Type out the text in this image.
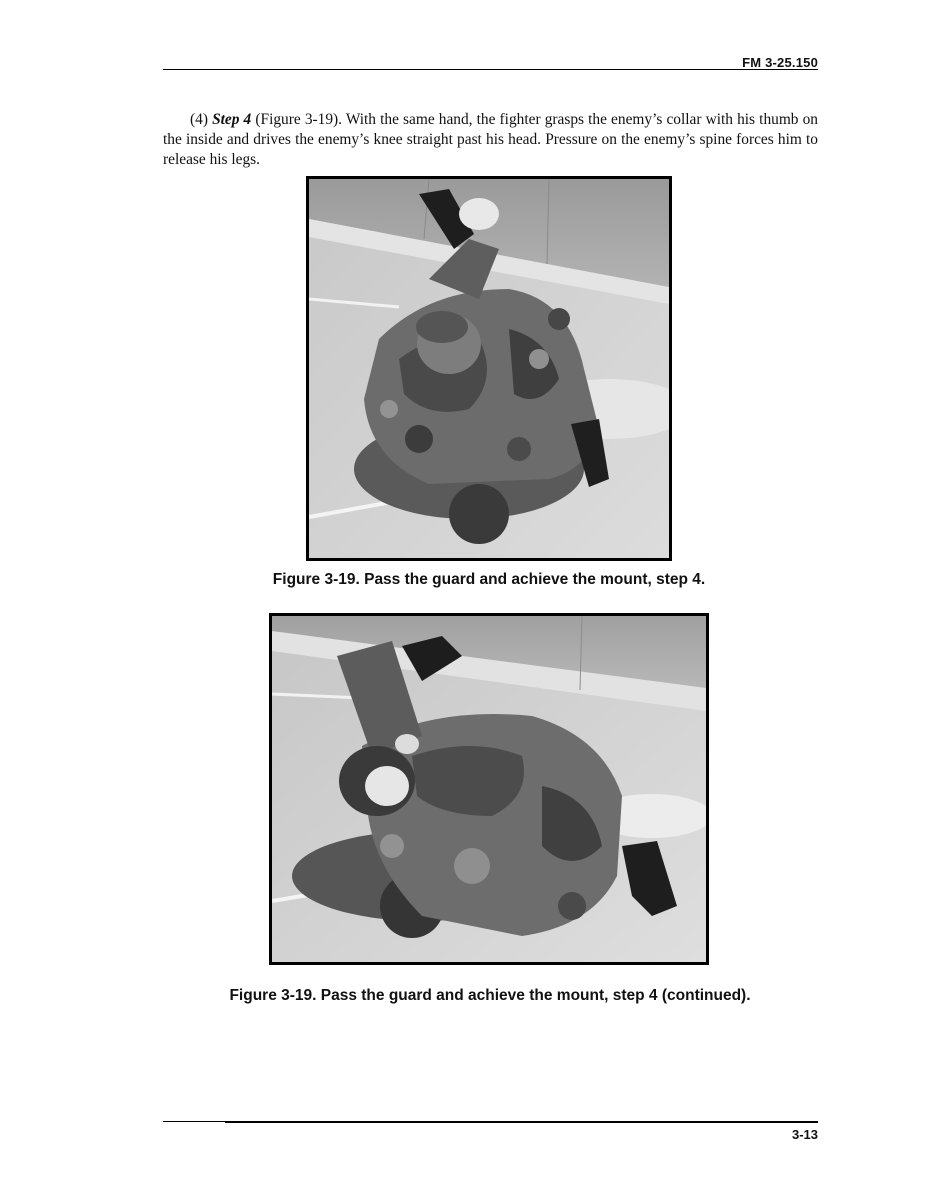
FM 3-25.150
(4) Step 4 (Figure 3-19). With the same hand, the fighter grasps the enemy’s collar with his thumb on the inside and drives the enemy’s knee straight past his head. Pressure on the enemy’s spine forces him to release his legs.
Figure 3-19. Pass the guard and achieve the mount, step 4.
Figure 3-19. Pass the guard and achieve the mount, step 4 (continued).
3-13
